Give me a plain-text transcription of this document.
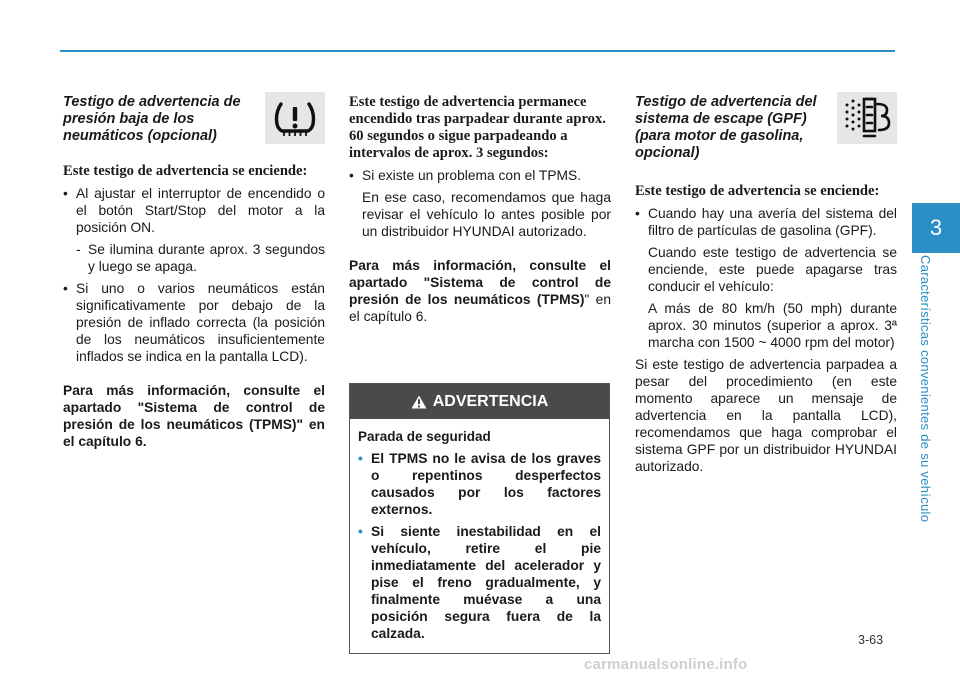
3
Características convenientes de su vehículo
Testigo de advertencia de presión baja de los neumáticos (opcional)

Este testigo de advertencia se enciende:

• Al ajustar el interruptor de encendido o el botón Start/Stop del motor a la posición ON.
- Se ilumina durante aprox. 3 segundos y luego se apaga.
• Si uno o varios neumáticos están significativamente por debajo de la presión de inflado correcta (la posición de los neumáticos insuficientemente inflados se indica en la pantalla LCD).
Para más información, consulte el apartado "Sistema de control de presión de los neumáticos (TPMS)" en el capítulo 6.

Este testigo de advertencia permanece encendido tras parpadear durante aprox. 60 segundos o sigue parpadeando a intervalos de aprox. 3 segundos:

• Si existe un problema con el TPMS.
En ese caso, recomendamos que haga revisar el vehículo lo antes posible por un distribuidor HYUNDAI autorizado.
Para más información, consulte el apartado "Sistema de control de presión de los neumáticos (TPMS)" en el capítulo 6.
ADVERTENCIA

Parada de seguridad

• El TPMS no le avisa de los graves o repentinos desperfectos causados por los factores externos.
• Si siente inestabilidad en el vehículo, retire el pie inmediatamente del acelerador y pise el freno gradualmente, y finalmente muévase a una posición segura fuera de la calzada.
Testigo de advertencia del sistema de escape (GPF) (para motor de gasolina, opcional)

Este testigo de advertencia se enciende:

• Cuando hay una avería del sistema del filtro de partículas de gasolina (GPF).
Cuando este testigo de advertencia se enciende, este puede apagarse tras conducir el vehículo:
A más de 80 km/h (50 mph) durante aprox. 30 minutos (superior a aprox. 3ª marcha con 1500 ~ 4000 rpm del motor)
Si este testigo de advertencia parpadea a pesar del procedimiento (en este momento aparece un mensaje de advertencia en la pantalla LCD), recomendamos que haga comprobar el sistema GPF por un distribuidor HYUNDAI autorizado.
3-63
carmanualsonline.info
